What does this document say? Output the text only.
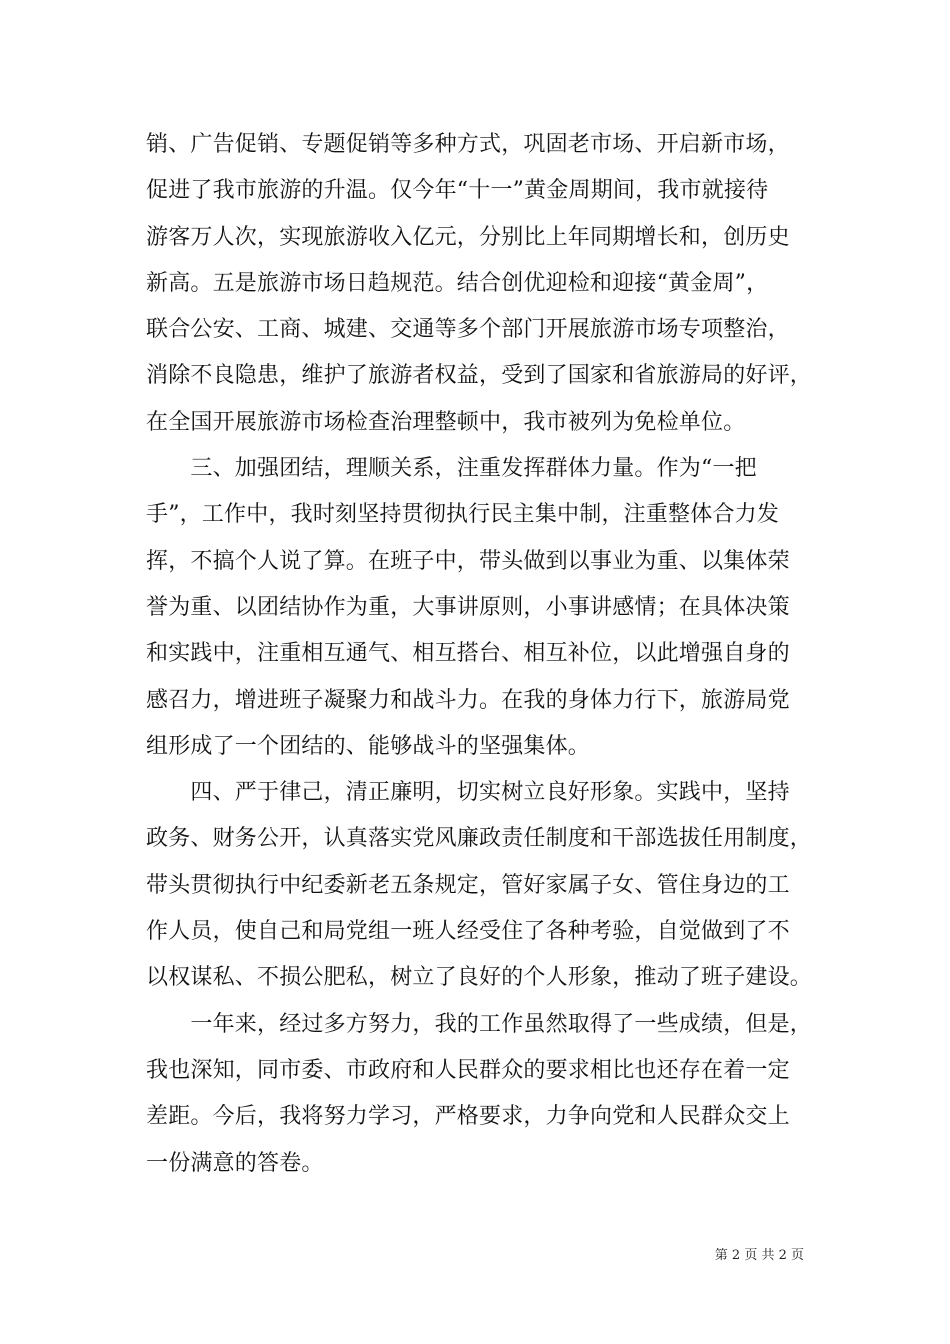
销、广告促销、专题促销等多种方式，巩固老市场、开启新市场，
促进了我市旅游的升温。仅今年“十一”黄金周期间，我市就接待
游客万人次，实现旅游收入亿元，分别比上年同期增长和，创历史
新高。五是旅游市场日趋规范。结合创优迎检和迎接“黄金周”，
联合公安、工商、城建、交通等多个部门开展旅游市场专项整治，
消除不良隐患，维护了旅游者权益，受到了国家和省旅游局的好评，
在全国开展旅游市场检查治理整顿中，我市被列为免检单位。
　　三、加强团结，理顺关系，注重发挥群体力量。作为“一把
手”，工作中，我时刻坚持贯彻执行民主集中制，注重整体合力发
挥，不搞个人说了算。在班子中，带头做到以事业为重、以集体荣
誉为重、以团结协作为重，大事讲原则，小事讲感情；在具体决策
和实践中，注重相互通气、相互搭台、相互补位，以此增强自身的
感召力，增进班子凝聚力和战斗力。在我的身体力行下，旅游局党
组形成了一个团结的、能够战斗的坚强集体。
　　四、严于律己，清正廉明，切实树立良好形象。实践中，坚持
政务、财务公开，认真落实党风廉政责任制度和干部选拔任用制度，
带头贯彻执行中纪委新老五条规定，管好家属子女、管住身边的工
作人员，使自己和局党组一班人经受住了各种考验，自觉做到了不
以权谋私、不损公肥私，树立了良好的个人形象，推动了班子建设。
　　一年来，经过多方努力，我的工作虽然取得了一些成绩，但是，
我也深知，同市委、市政府和人民群众的要求相比也还存在着一定
差距。今后，我将努力学习，严格要求，力争向党和人民群众交上
一份满意的答卷。
第 2 页 共 2 页
